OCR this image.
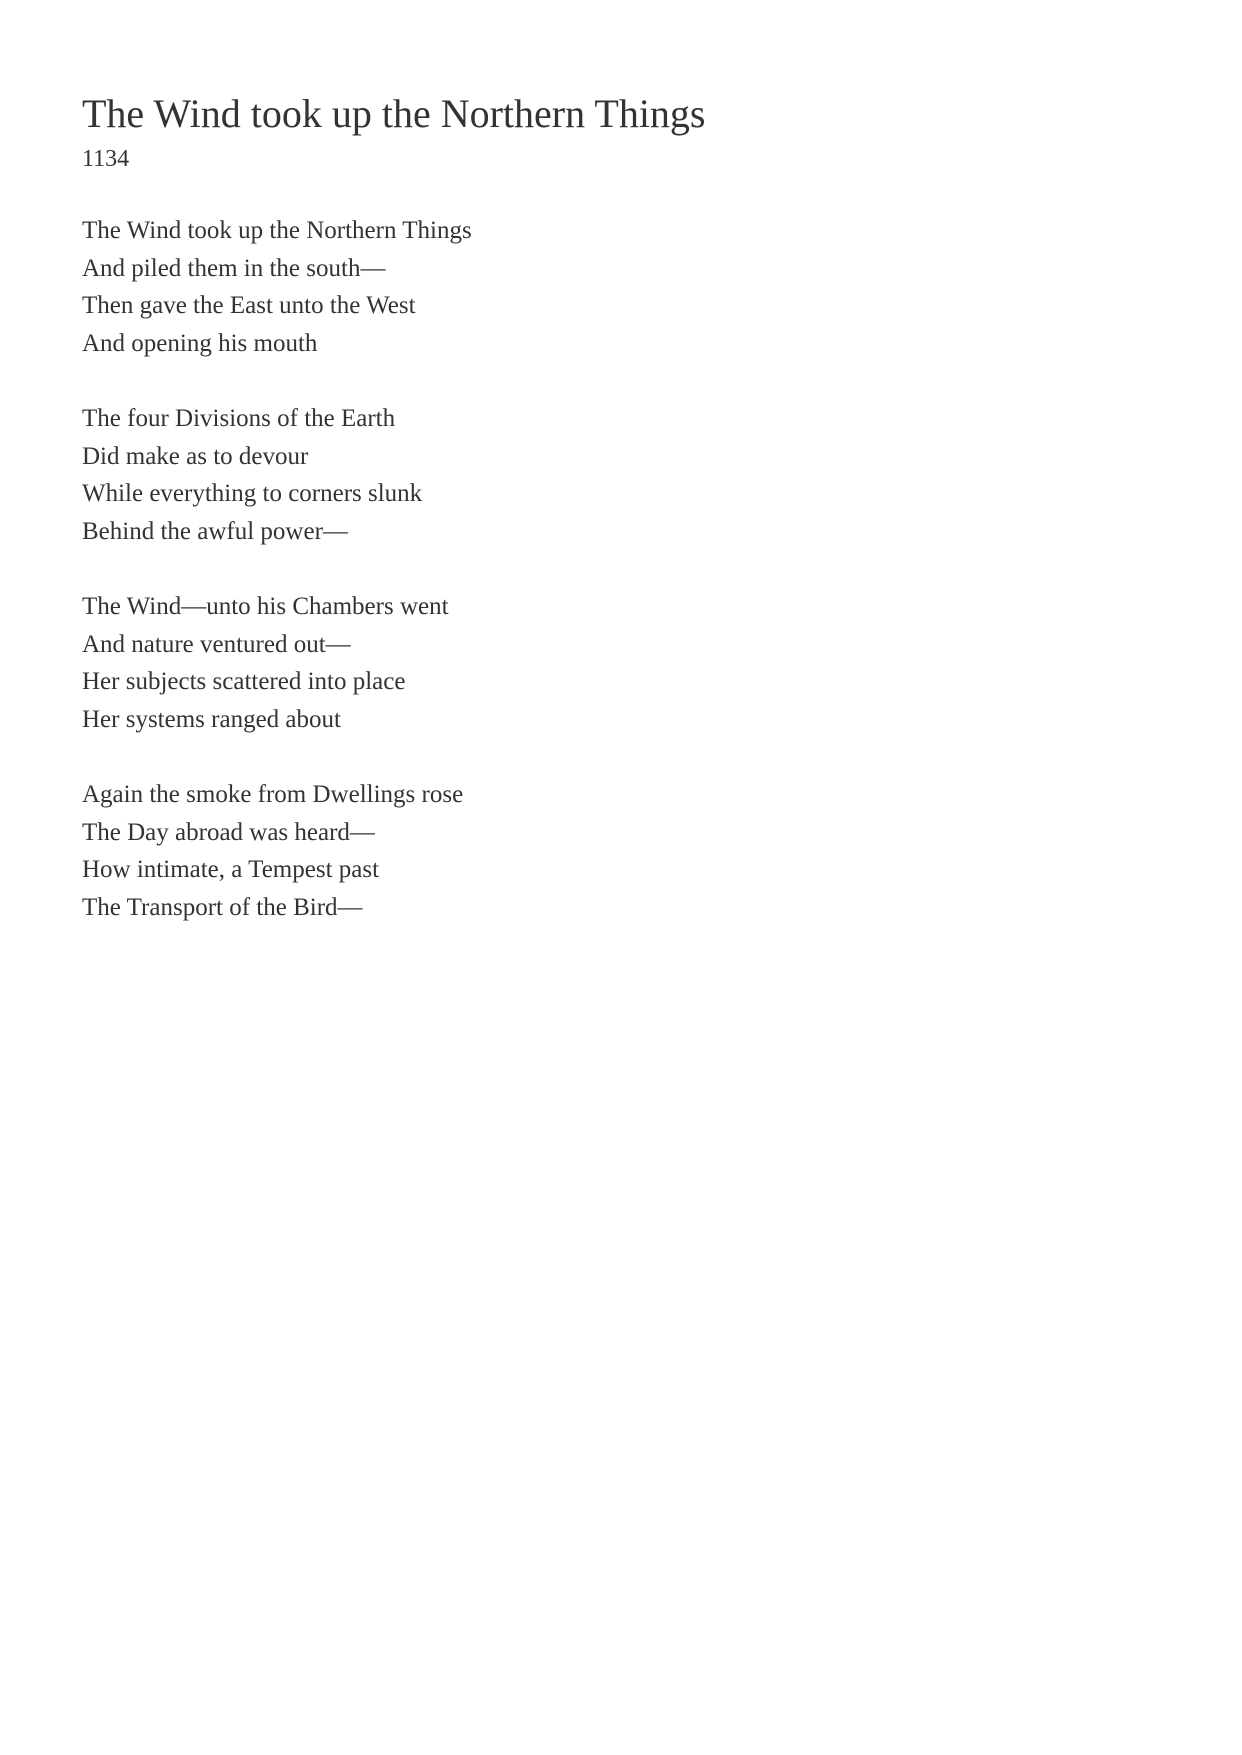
The Wind took up the Northern Things
1134
The Wind took up the Northern Things
And piled them in the south—
Then gave the East unto the West
And opening his mouth
The four Divisions of the Earth
Did make as to devour
While everything to corners slunk
Behind the awful power—
The Wind—unto his Chambers went
And nature ventured out—
Her subjects scattered into place
Her systems ranged about
Again the smoke from Dwellings rose
The Day abroad was heard—
How intimate, a Tempest past
The Transport of the Bird—
